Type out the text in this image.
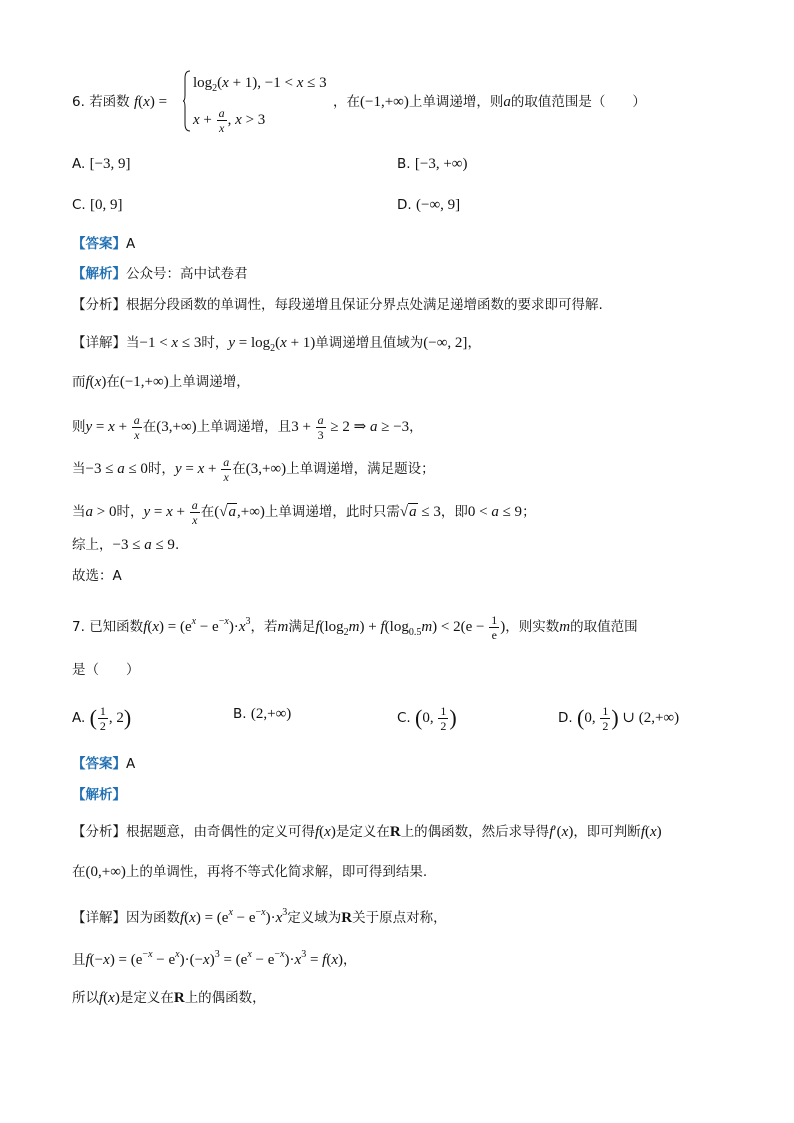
6. 若函数 f(x) =
$\log_2(x + 1)$, −1 < x ≤ 3
$x + \frac{a}{x}$ , x > 3
，在(−1,+∞)上单调递增，则a的取值范围是（　　）
A. [−3, 9]	B. [−3, +∞)
C. [0, 9]	D. (−∞, 9]
【答案】A
【解析】公众号：高中试卷君
【分析】根据分段函数的单调性，每段递增且保证分界点处满足递增函数的要求即可得解.
【详解】当−1 < x ≤ 3时，$y = \log_2(x + 1)$单调递增且值域为(−∞, 2]，
而f(x)在(−1,+∞)上单调递增，
则$y = x + \frac{a}{x}$ 在(3,+∞)上单调递增，且$3 + \frac{a}{3} \ge 2$ ⇒ a ≥ −3，
当−3 ≤ a ≤ 0时，$y = x + \frac{a}{x}$ 在(3,+∞)上单调递增，满足题设；
当a > 0时，$y = x + \frac{a}{x}$ 在(√a,+∞)上单调递增，此时只需√a ≤ 3，即0 < a ≤ 9；
综上，−3 ≤ a ≤ 9.
故选：A
7. 已知函数$f(x) = (e^x - e^{-x})\cdot x^3$，若m满足$f(\log_2m) + f(\log_{0.5}m) < 2(e - \frac{1}{e}$ )，则实数m的取值范围
是（　　）
A. ( $\frac{1}{2}$ , 2)	B. (2,+∞)	C. (0, $\frac{1}{2}$ )	D. (0, $\frac{1}{2}$ ) ∪ (2,+∞)
【答案】A
【解析】
【分析】根据题意，由奇偶性的定义可得f(x)是定义在R上的偶函数，然后求导得f′(x)，即可判断f(x)
在(0,+∞)上的单调性，再将不等式化简求解，即可得到结果.
【详解】因为函数$f(x) = (e^x - e^{-x})\cdot x^3$定义域为R关于原点对称，
且$f(-x) = (e^{-x} - e^x)\cdot(-x)^3 = (e^x - e^{-x})\cdot x^3 = f(x)$，
所以f(x)是定义在R上的偶函数，
